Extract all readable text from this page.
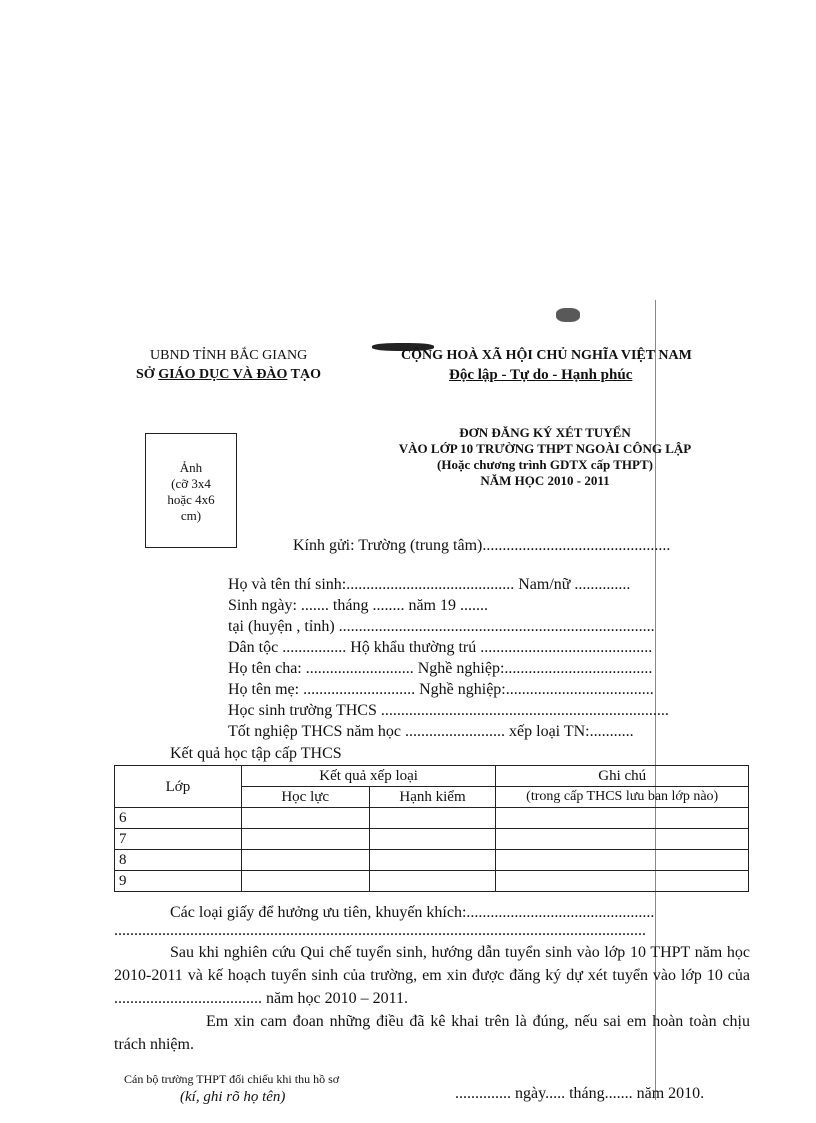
UBND TỈNH BẮC GIANG
SỞ GIÁO DỤC VÀ ĐÀO TẠO
CỘNG HOÀ XÃ HỘI CHỦ NGHĨA VIỆT NAM
Độc lập - Tự do - Hạnh phúc
ĐƠN ĐĂNG KÝ XÉT TUYỂN
VÀO LỚP 10 TRƯỜNG THPT NGOÀI CÔNG LẬP
(Hoặc chương trình GDTX cấp THPT)
NĂM HỌC 2010 - 2011
Ảnh
(cỡ 3x4
hoặc 4x6
cm)
Kính gửi: Trường (trung tâm)...............................................
Họ và tên thí sinh:.......................................... Nam/nữ ..............
Sinh ngày: ....... tháng ........ năm 19 .......
tại (huyện , tỉnh) ...............................................................................
Dân tộc ................ Hộ khẩu thường trú ...........................................
Họ tên cha: ........................... Nghề nghiệp:.....................................
Họ tên mẹ: ............................ Nghề nghiệp:.....................................
Học sinh trường THCS ........................................................................
Tốt nghiệp THCS năm học ......................... xếp loại TN:...........
Kết quả học tập cấp THCS
Lớp	Kết quả xếp loại		Ghi chú
	Học lực	Hạnh kiểm	(trong cấp THCS lưu ban lớp nào)
6			
7			
8			
9			
Các loại giấy để hưởng ưu tiên, khuyến khích:...............................................
.....................................................................................................................................
Sau khi nghiên cứu Qui chế tuyển sinh, hướng dẫn tuyển sinh vào lớp 10 THPT năm học 2010-2011 và kế hoạch tuyển sinh của trường, em xin được đăng ký dự xét tuyển vào lớp 10 của ..................................... năm học 2010 – 2011.
Em xin cam đoan những điều đã kê khai trên là đúng, nếu sai em hoàn toàn chịu trách nhiệm.
Cán bộ trường THPT đối chiếu khi thu hồ sơ
(kí, ghi rõ họ tên)	.............. ngày..... tháng....... năm 2010.
